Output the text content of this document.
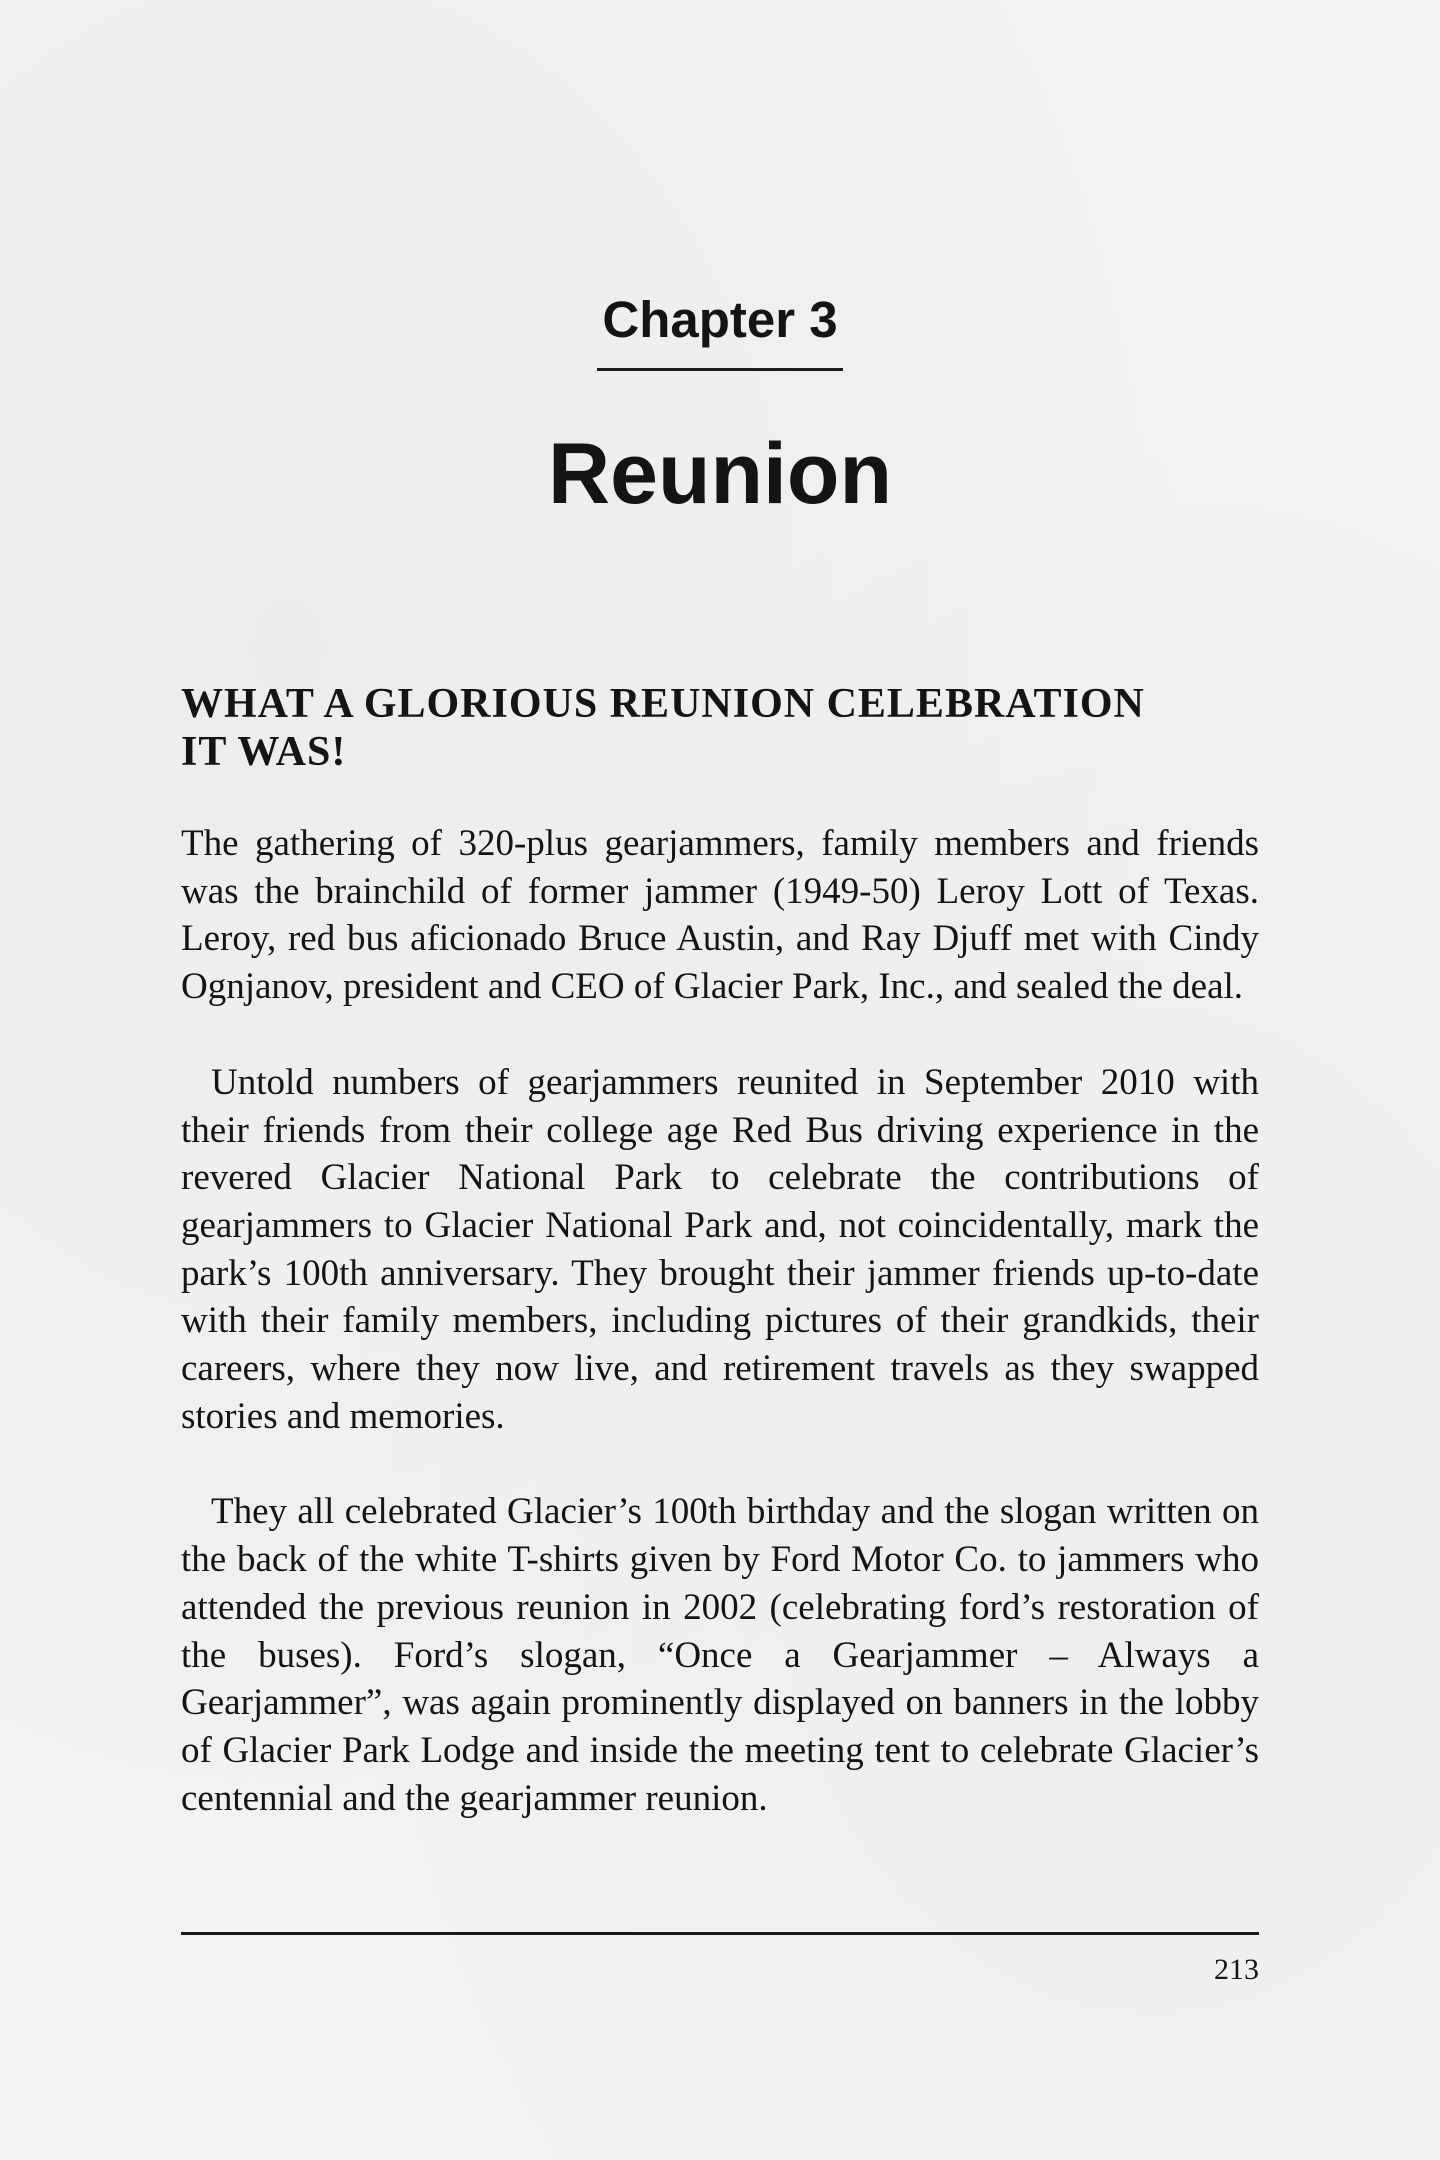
Chapter 3
Reunion
WHAT A GLORIOUS REUNION CELEBRATION
IT WAS!

The gathering of 320-plus gearjammers, family members and friends was the brainchild of former jammer (1949-50) Leroy Lott of Texas. Leroy, red bus aficionado Bruce Austin, and Ray Djuff met with Cindy Ognjanov, president and CEO of Glacier Park, Inc., and sealed the deal.

Untold numbers of gearjammers reunited in September 2010 with their friends from their college age Red Bus driving experience in the revered Glacier National Park to celebrate the contributions of gearjammers to Glacier National Park and, not coincidentally, mark the park’s 100th anniversary. They brought their jammer friends up-to-date with their family members, including pictures of their grandkids, their careers, where they now live, and retirement travels as they swapped stories and memories.

They all celebrated Glacier’s 100th birthday and the slogan written on the back of the white T-shirts given by Ford Motor Co. to jammers who attended the previous reunion in 2002 (celebrating ford’s restoration of the buses). Ford’s slogan, “Once a Gearjammer – Always a Gearjammer”, was again prominently displayed on banners in the lobby of Glacier Park Lodge and inside the meeting tent to celebrate Glacier’s centennial and the gearjammer reunion.

213
